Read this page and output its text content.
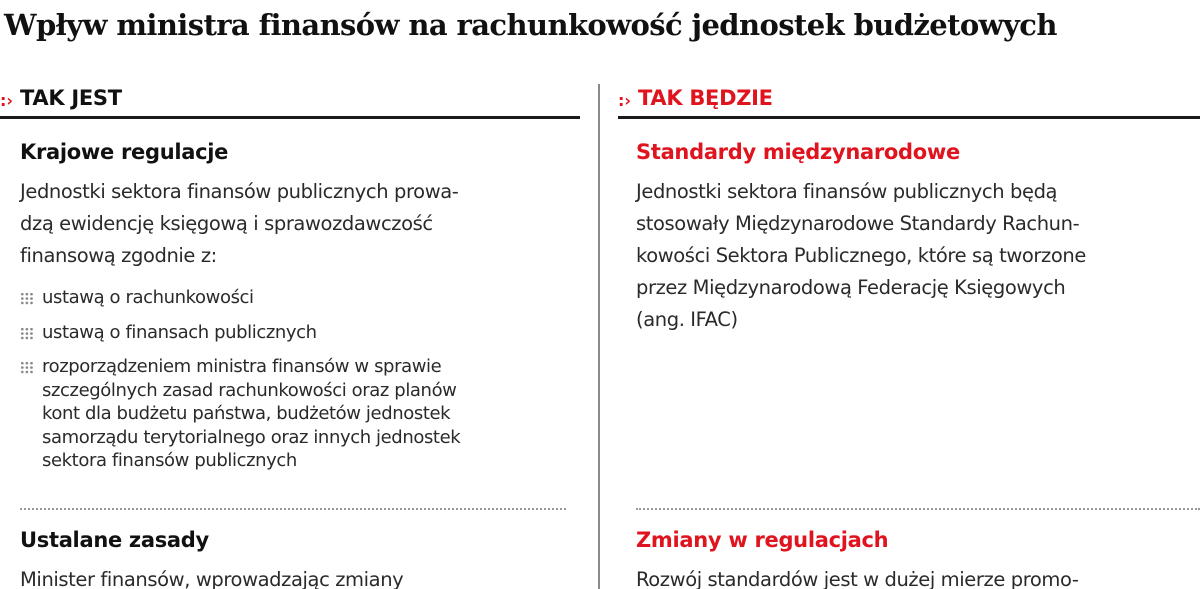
Wpływ ministra finansów na rachunkowość jednostek budżetowych
:› TAK JEST
Krajowe regulacje
Jednostki sektora finansów publicznych prowa-
dzą ewidencję księgową i sprawozdawczość
finansową zgodnie z:
ustawą o rachunkowości
ustawą o finansach publicznych
rozporządzeniem ministra finansów w sprawie
szczególnych zasad rachunkowości oraz planów
kont dla budżetu państwa, budżetów jednostek
samorządu terytorialnego oraz innych jednostek
sektora finansów publicznych
Ustalane zasady
Minister finansów, wprowadzając zmiany
:› TAK BĘDZIE
Standardy międzynarodowe
Jednostki sektora finansów publicznych będą
stosowały Międzynarodowe Standardy Rachun-
kowości Sektora Publicznego, które są tworzone
przez Międzynarodową Federację Księgowych
(ang. IFAC)
Zmiany w regulacjach
Rozwój standardów jest w dużej mierze promo-
